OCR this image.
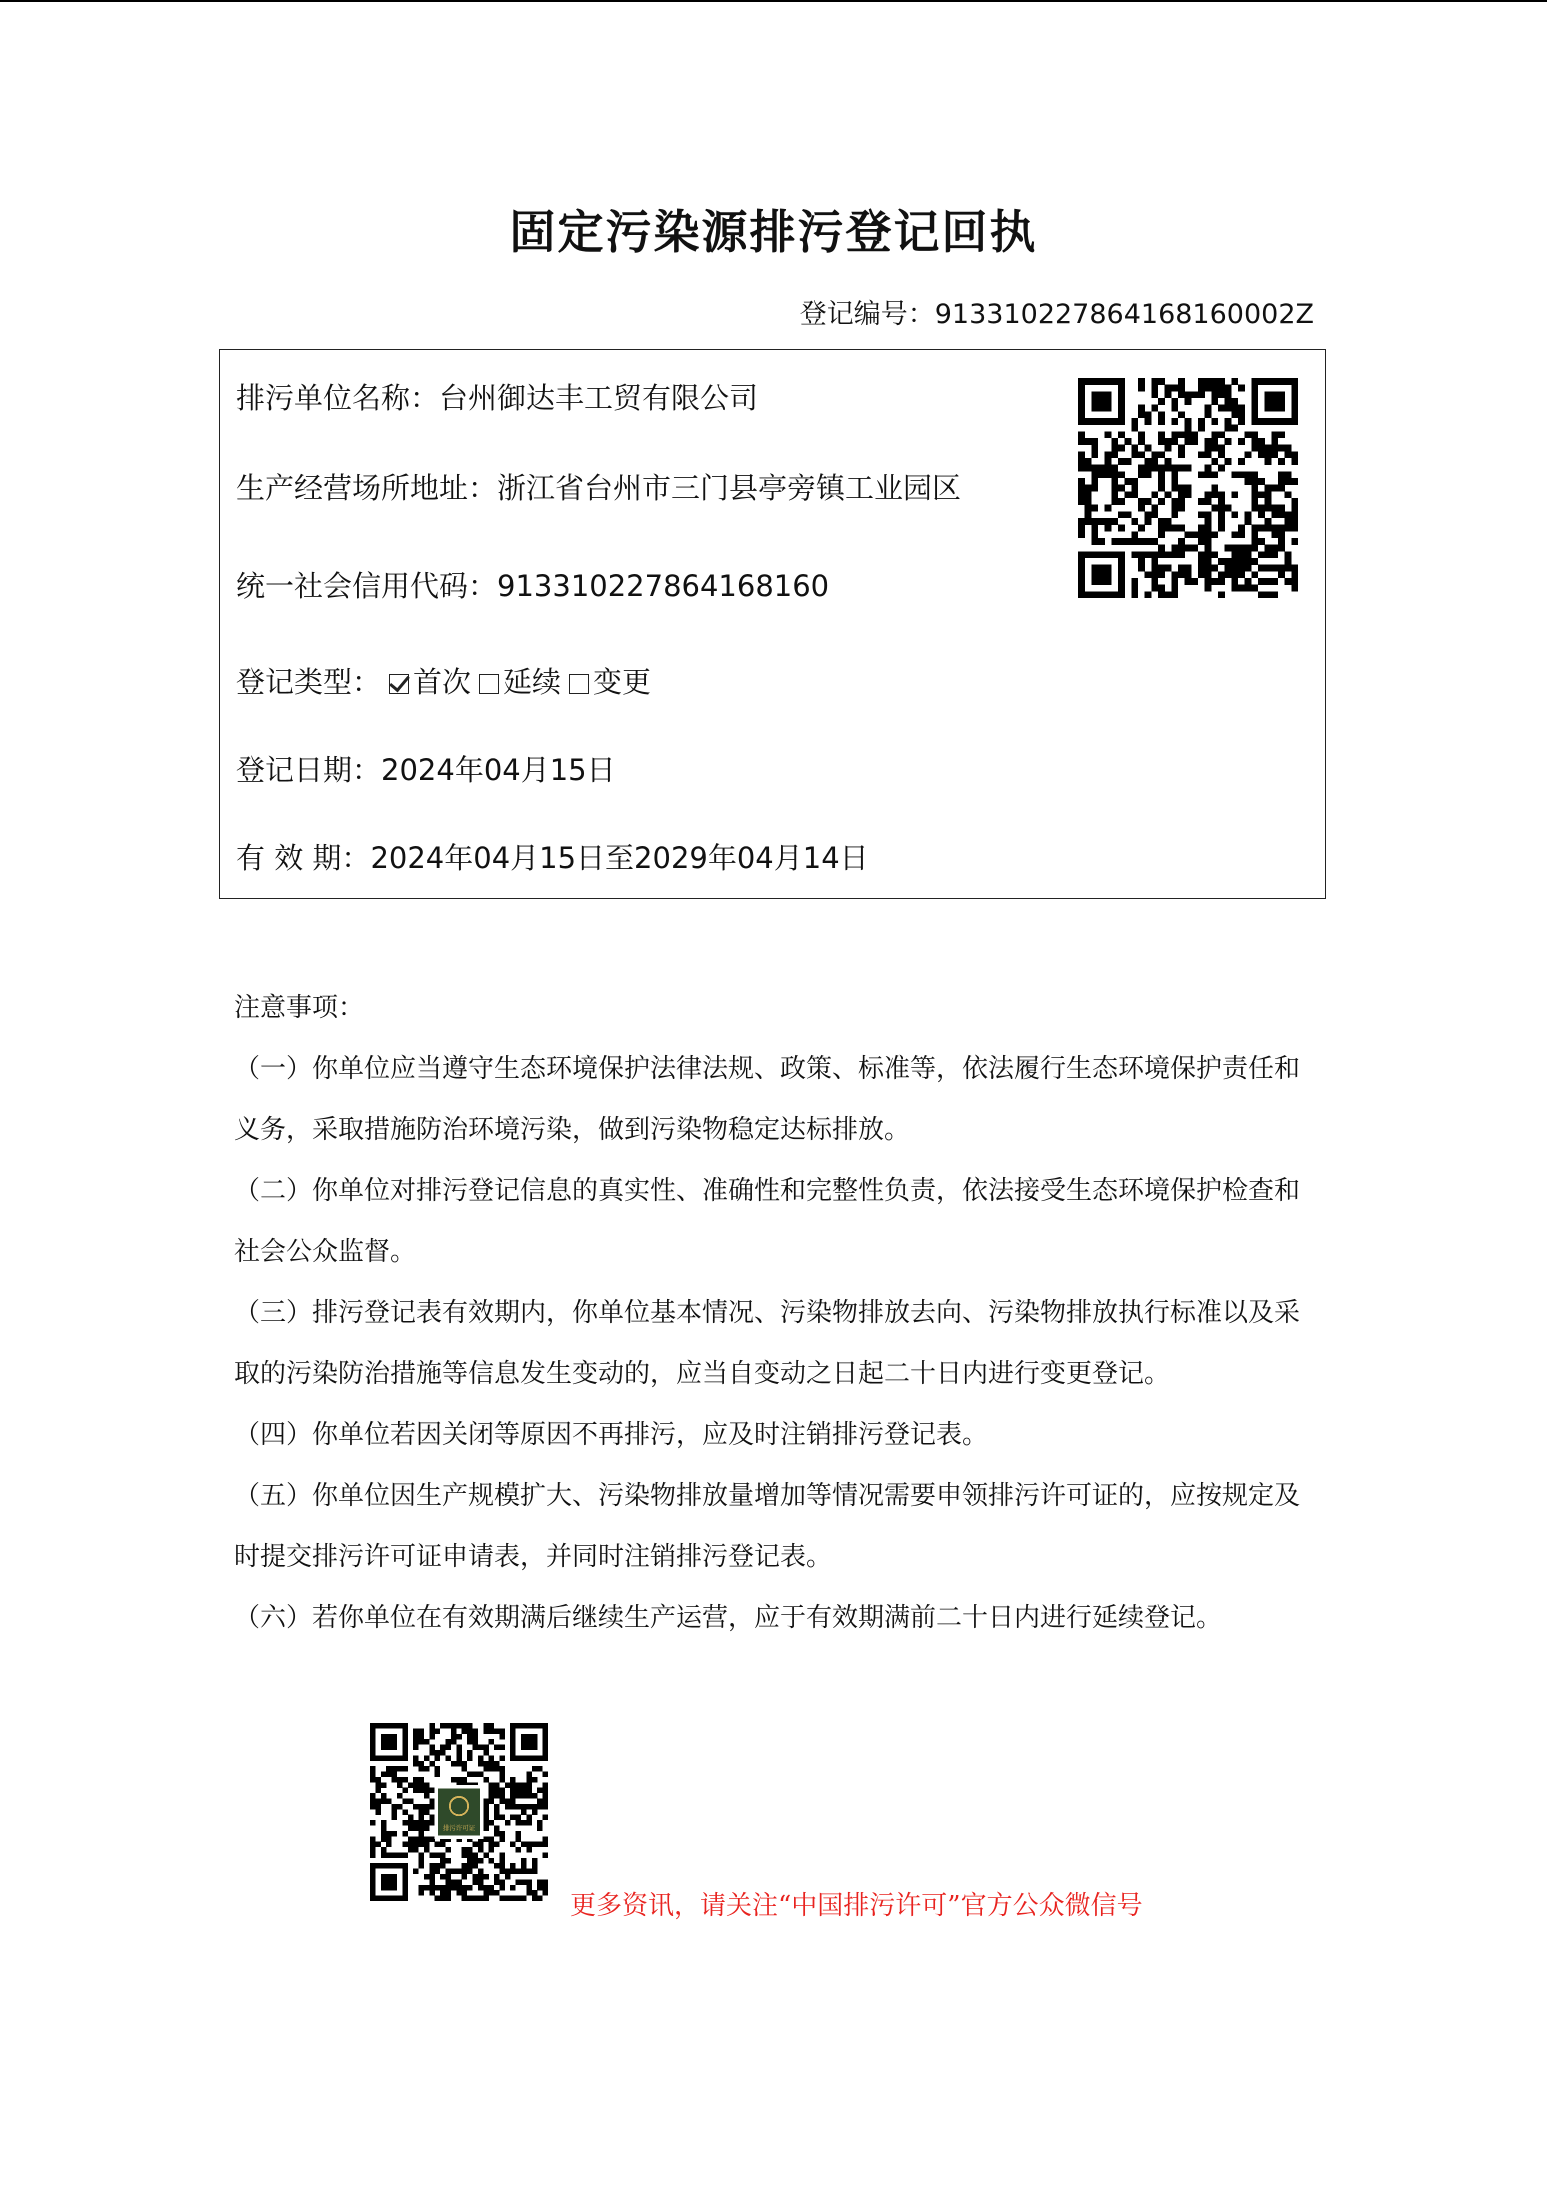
固定污染源排污登记回执
登记编号：91331022786416816000​2Z
排污单位名称：台州御达丰工贸有限公司
生产经营场所地址：浙江省台州市三门县亭旁镇工业园区
统一社会信用代码：913310227864168160
登记类型： 首次 延续 变更
登记日期：2024年04月15日
有 效 期：2024年04月15日至2029年04月14日

注意事项：

（一）你单位应当遵守生态环境保护法律法规、政策、标准等，依法履行生态环境保护责任和义务，采取措施防治环境污染，做到污染物稳定达标排放。

（二）你单位对排污登记信息的真实性、准确性和完整性负责，依法接受生态环境保护检查和社会公众监督。

（三）排污登记表有效期内，你单位基本情况、污染物排放去向、污染物排放执行标准以及采取的污染防治措施等信息发生变动的，应当自变动之日起二十日内进行变更登记。

（四）你单位若因关闭等原因不再排污，应及时注销排污登记表。

（五）你单位因生产规模扩大、污染物排放量增加等情况需要申领排污许可证的，应按规定及时提交排污许可证申请表，并同时注销排污登记表。

（六）若你单位在有效期满后继续生产运营，应于有效期满前二十日内进行延续登记。

排污许可证
更多资讯，请关注“中国排污许可”官方公众微信号
